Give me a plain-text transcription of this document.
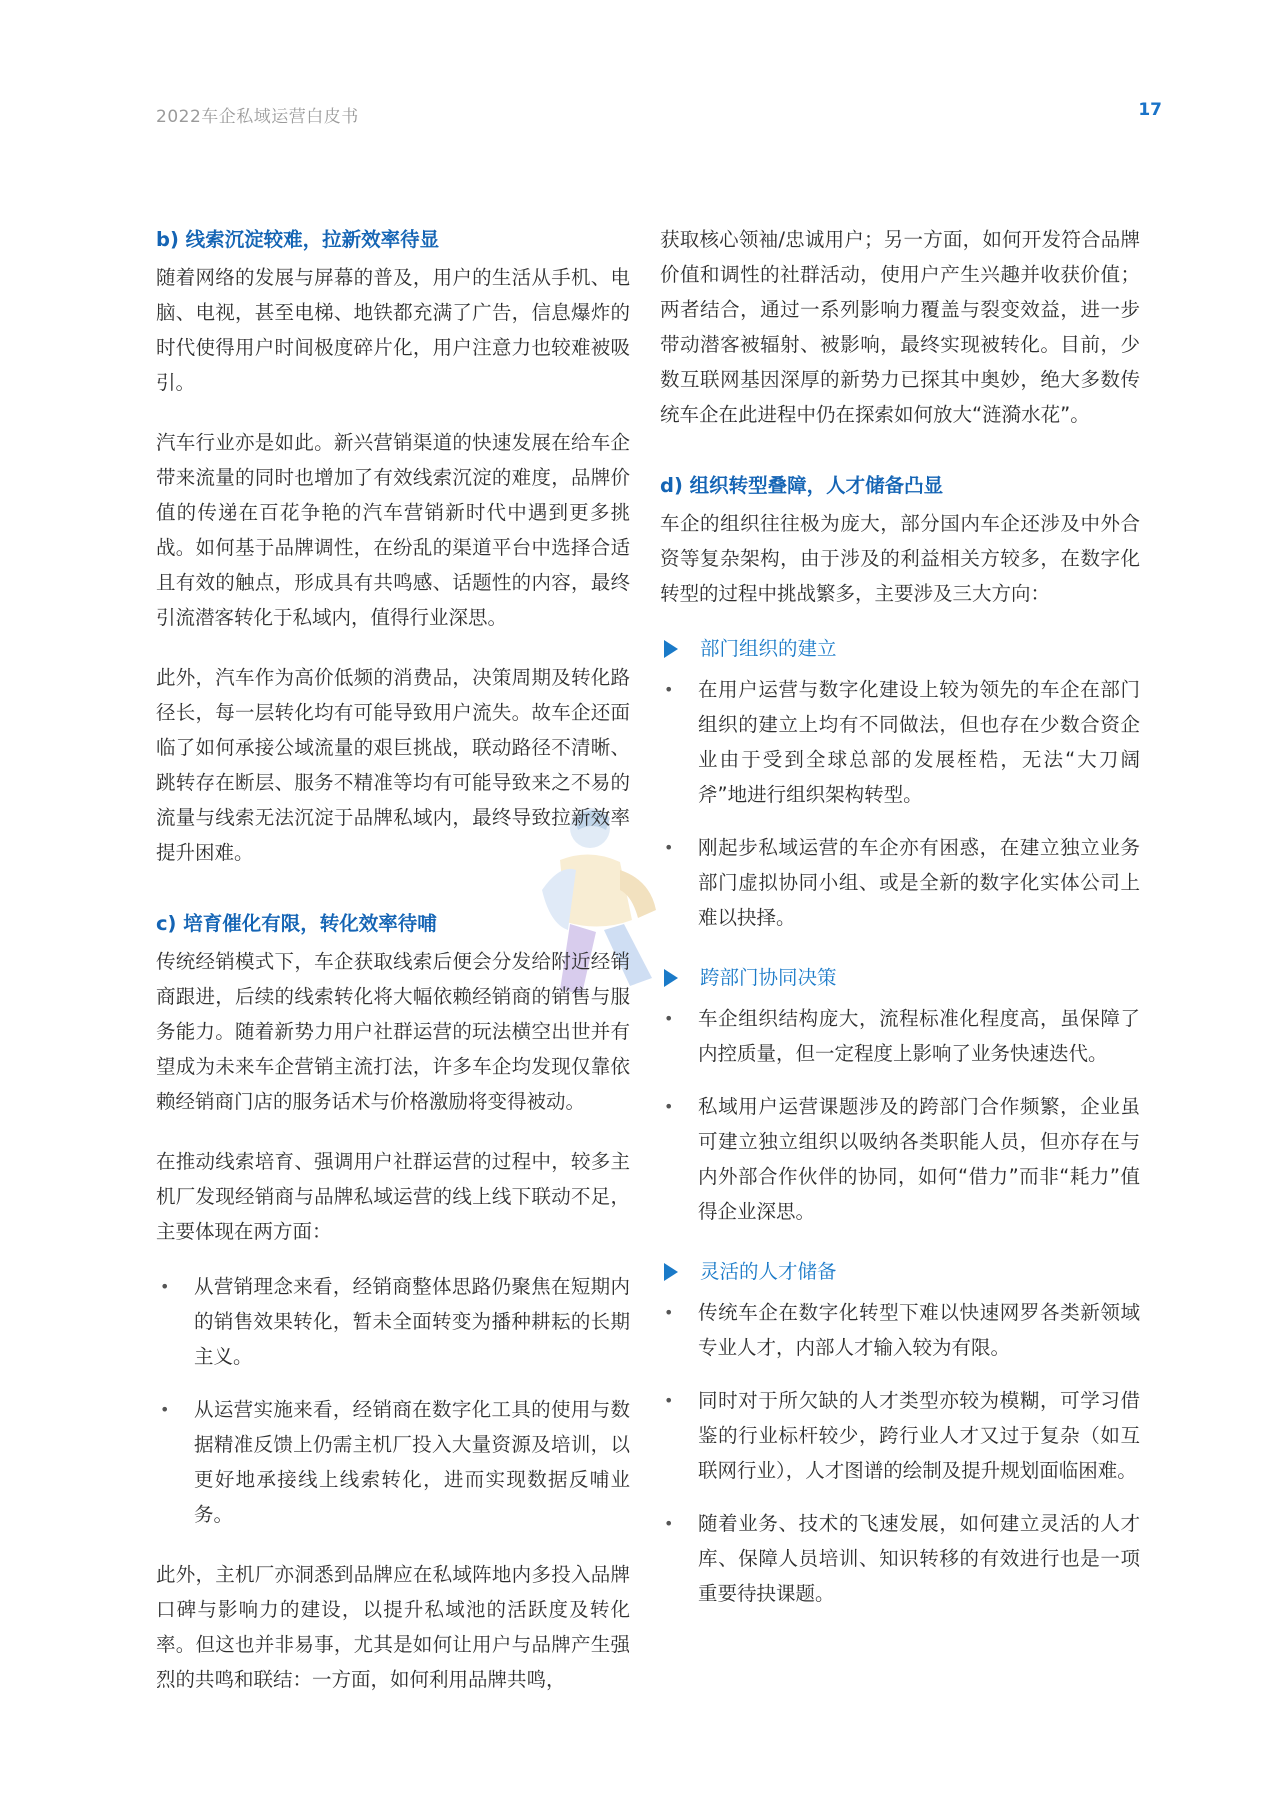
2022车企私域运营白皮书	17
b) 线索沉淀较难，拉新效率待显

随着网络的发展与屏幕的普及，用户的生活从手机、电脑、电视，甚至电梯、地铁都充满了广告，信息爆炸的时代使得用户时间极度碎片化，用户注意力也较难被吸引。

汽车行业亦是如此。新兴营销渠道的快速发展在给车企带来流量的同时也增加了有效线索沉淀的难度，品牌价值的传递在百花争艳的汽车营销新时代中遇到更多挑战。如何基于品牌调性，在纷乱的渠道平台中选择合适且有效的触点，形成具有共鸣感、话题性的内容，最终引流潜客转化于私域内，值得行业深思。

此外，汽车作为高价低频的消费品，决策周期及转化路径长，每一层转化均有可能导致用户流失。故车企还面临了如何承接公域流量的艰巨挑战，联动路径不清晰、跳转存在断层、服务不精准等均有可能导致来之不易的流量与线索无法沉淀于品牌私域内，最终导致拉新效率提升困难。

c) 培育催化有限，转化效率待哺

传统经销模式下，车企获取线索后便会分发给附近经销商跟进，后续的线索转化将大幅依赖经销商的销售与服务能力。随着新势力用户社群运营的玩法横空出世并有望成为未来车企营销主流打法，许多车企均发现仅靠依赖经销商门店的服务话术与价格激励将变得被动。

在推动线索培育、强调用户社群运营的过程中，较多主机厂发现经销商与品牌私域运营的线上线下联动不足，主要体现在两方面：

• 从营销理念来看，经销商整体思路仍聚焦在短期内的销售效果转化，暂未全面转变为播种耕耘的长期主义。
• 从运营实施来看，经销商在数字化工具的使用与数据精准反馈上仍需主机厂投入大量资源及培训，以更好地承接线上线索转化，进而实现数据反哺业务。

此外，主机厂亦洞悉到品牌应在私域阵地内多投入品牌口碑与影响力的建设，以提升私域池的活跃度及转化率。但这也并非易事，尤其是如何让用户与品牌产生强烈的共鸣和联结：一方面，如何利用品牌共鸣，

获取核心领袖/忠诚用户；另一方面，如何开发符合品牌价值和调性的社群活动，使用户产生兴趣并收获价值；两者结合，通过一系列影响力覆盖与裂变效益，进一步带动潜客被辐射、被影响，最终实现被转化。目前，少数互联网基因深厚的新势力已探其中奥妙，绝大多数传统车企在此进程中仍在探索如何放大“涟漪水花”。

d) 组织转型叠障，人才储备凸显

车企的组织往往极为庞大，部分国内车企还涉及中外合资等复杂架构，由于涉及的利益相关方较多，在数字化转型的过程中挑战繁多，主要涉及三大方向：

部门组织的建立
• 在用户运营与数字化建设上较为领先的车企在部门组织的建立上均有不同做法，但也存在少数合资企业由于受到全球总部的发展桎梏，无法“大刀阔斧”地进行组织架构转型。
• 刚起步私域运营的车企亦有困惑，在建立独立业务部门虚拟协同小组、或是全新的数字化实体公司上难以抉择。
跨部门协同决策
• 车企组织结构庞大，流程标准化程度高，虽保障了内控质量，但一定程度上影响了业务快速迭代。
• 私域用户运营课题涉及的跨部门合作频繁，企业虽可建立独立组织以吸纳各类职能人员，但亦存在与内外部合作伙伴的协同，如何“借力”而非“耗力”值得企业深思。
灵活的人才储备
• 传统车企在数字化转型下难以快速网罗各类新领域专业人才，内部人才输入较为有限。
• 同时对于所欠缺的人才类型亦较为模糊，可学习借鉴的行业标杆较少，跨行业人才又过于复杂（如互联网行业），人才图谱的绘制及提升规划面临困难。
• 随着业务、技术的飞速发展，如何建立灵活的人才库、保障人员培训、知识转移的有效进行也是一项重要待抉课题。
